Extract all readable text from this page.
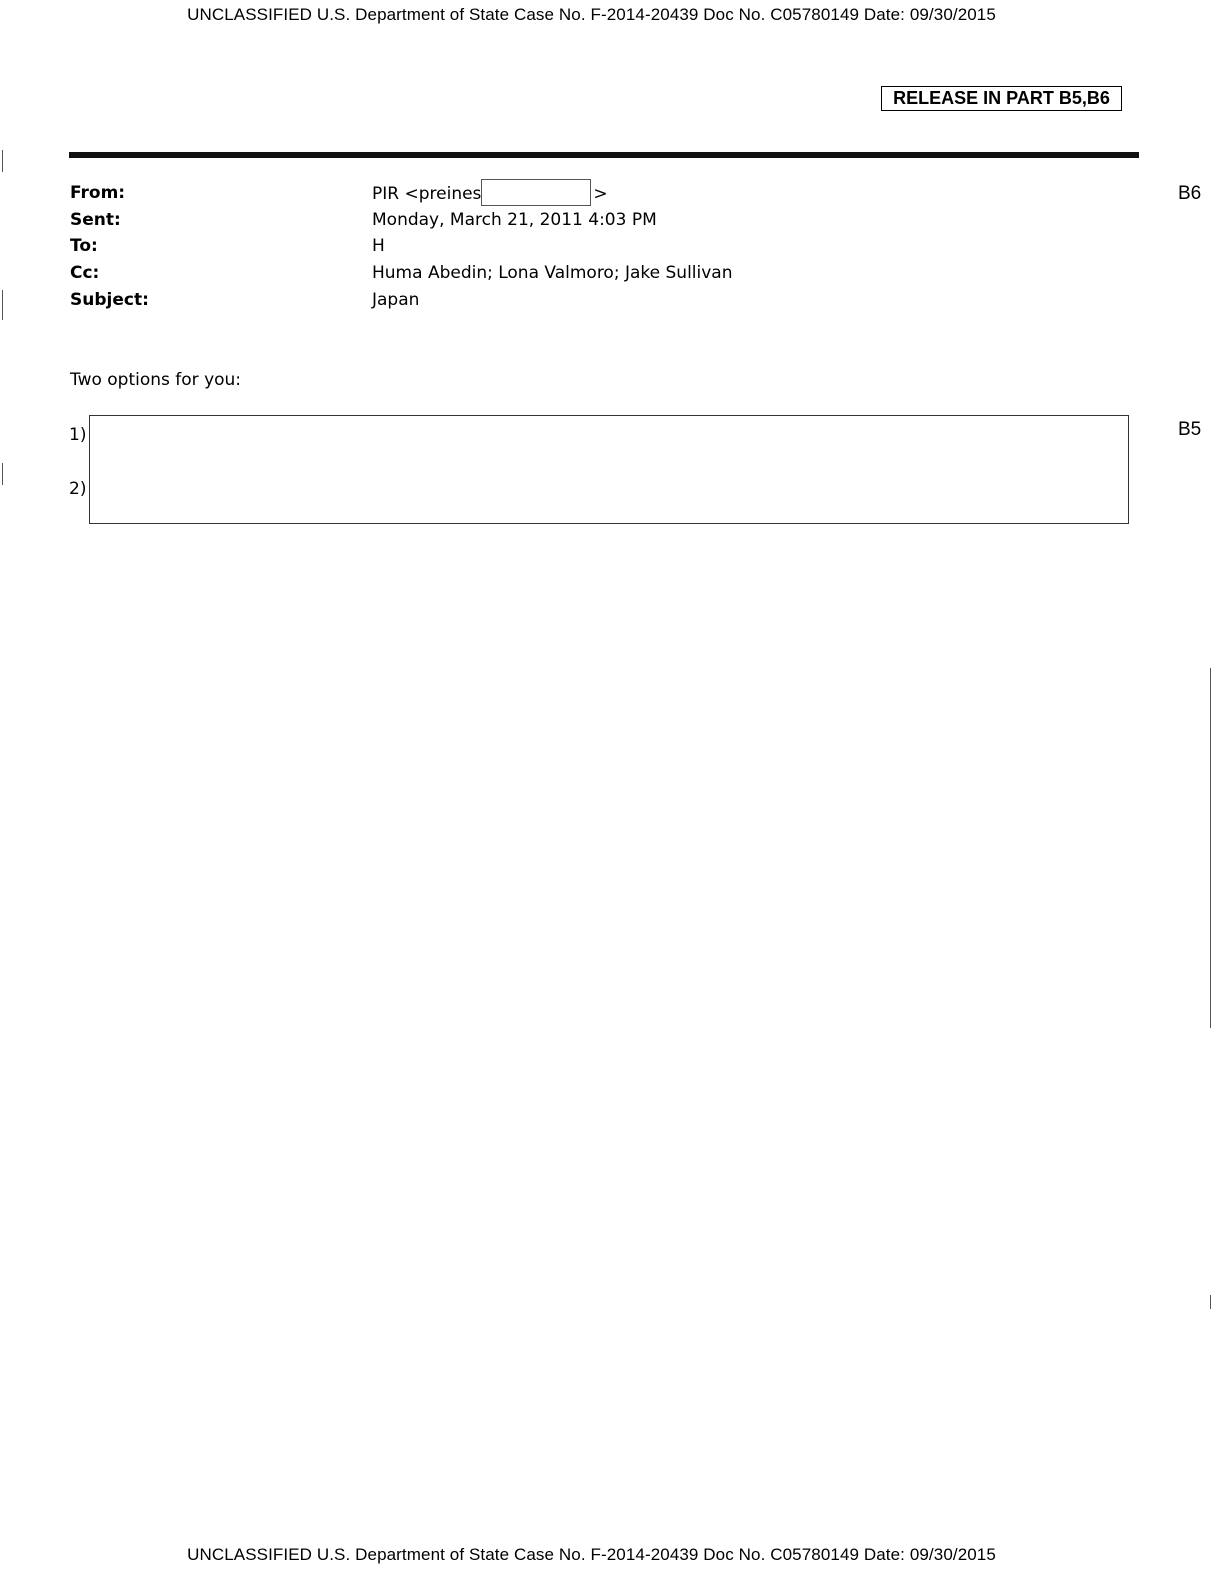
UNCLASSIFIED U.S. Department of State Case No. F-2014-20439 Doc No. C05780149 Date: 09/30/2015
RELEASE IN PART B5,B6
From:	PIR <preines	>
Sent:	Monday, March 21, 2011 4:03 PM
To:	H
Cc:	Huma Abedin; Lona Valmoro; Jake Sullivan
Subject:	Japan
B6
Two options for you:
1)
2)
B5
UNCLASSIFIED U.S. Department of State Case No. F-2014-20439 Doc No. C05780149 Date: 09/30/2015
